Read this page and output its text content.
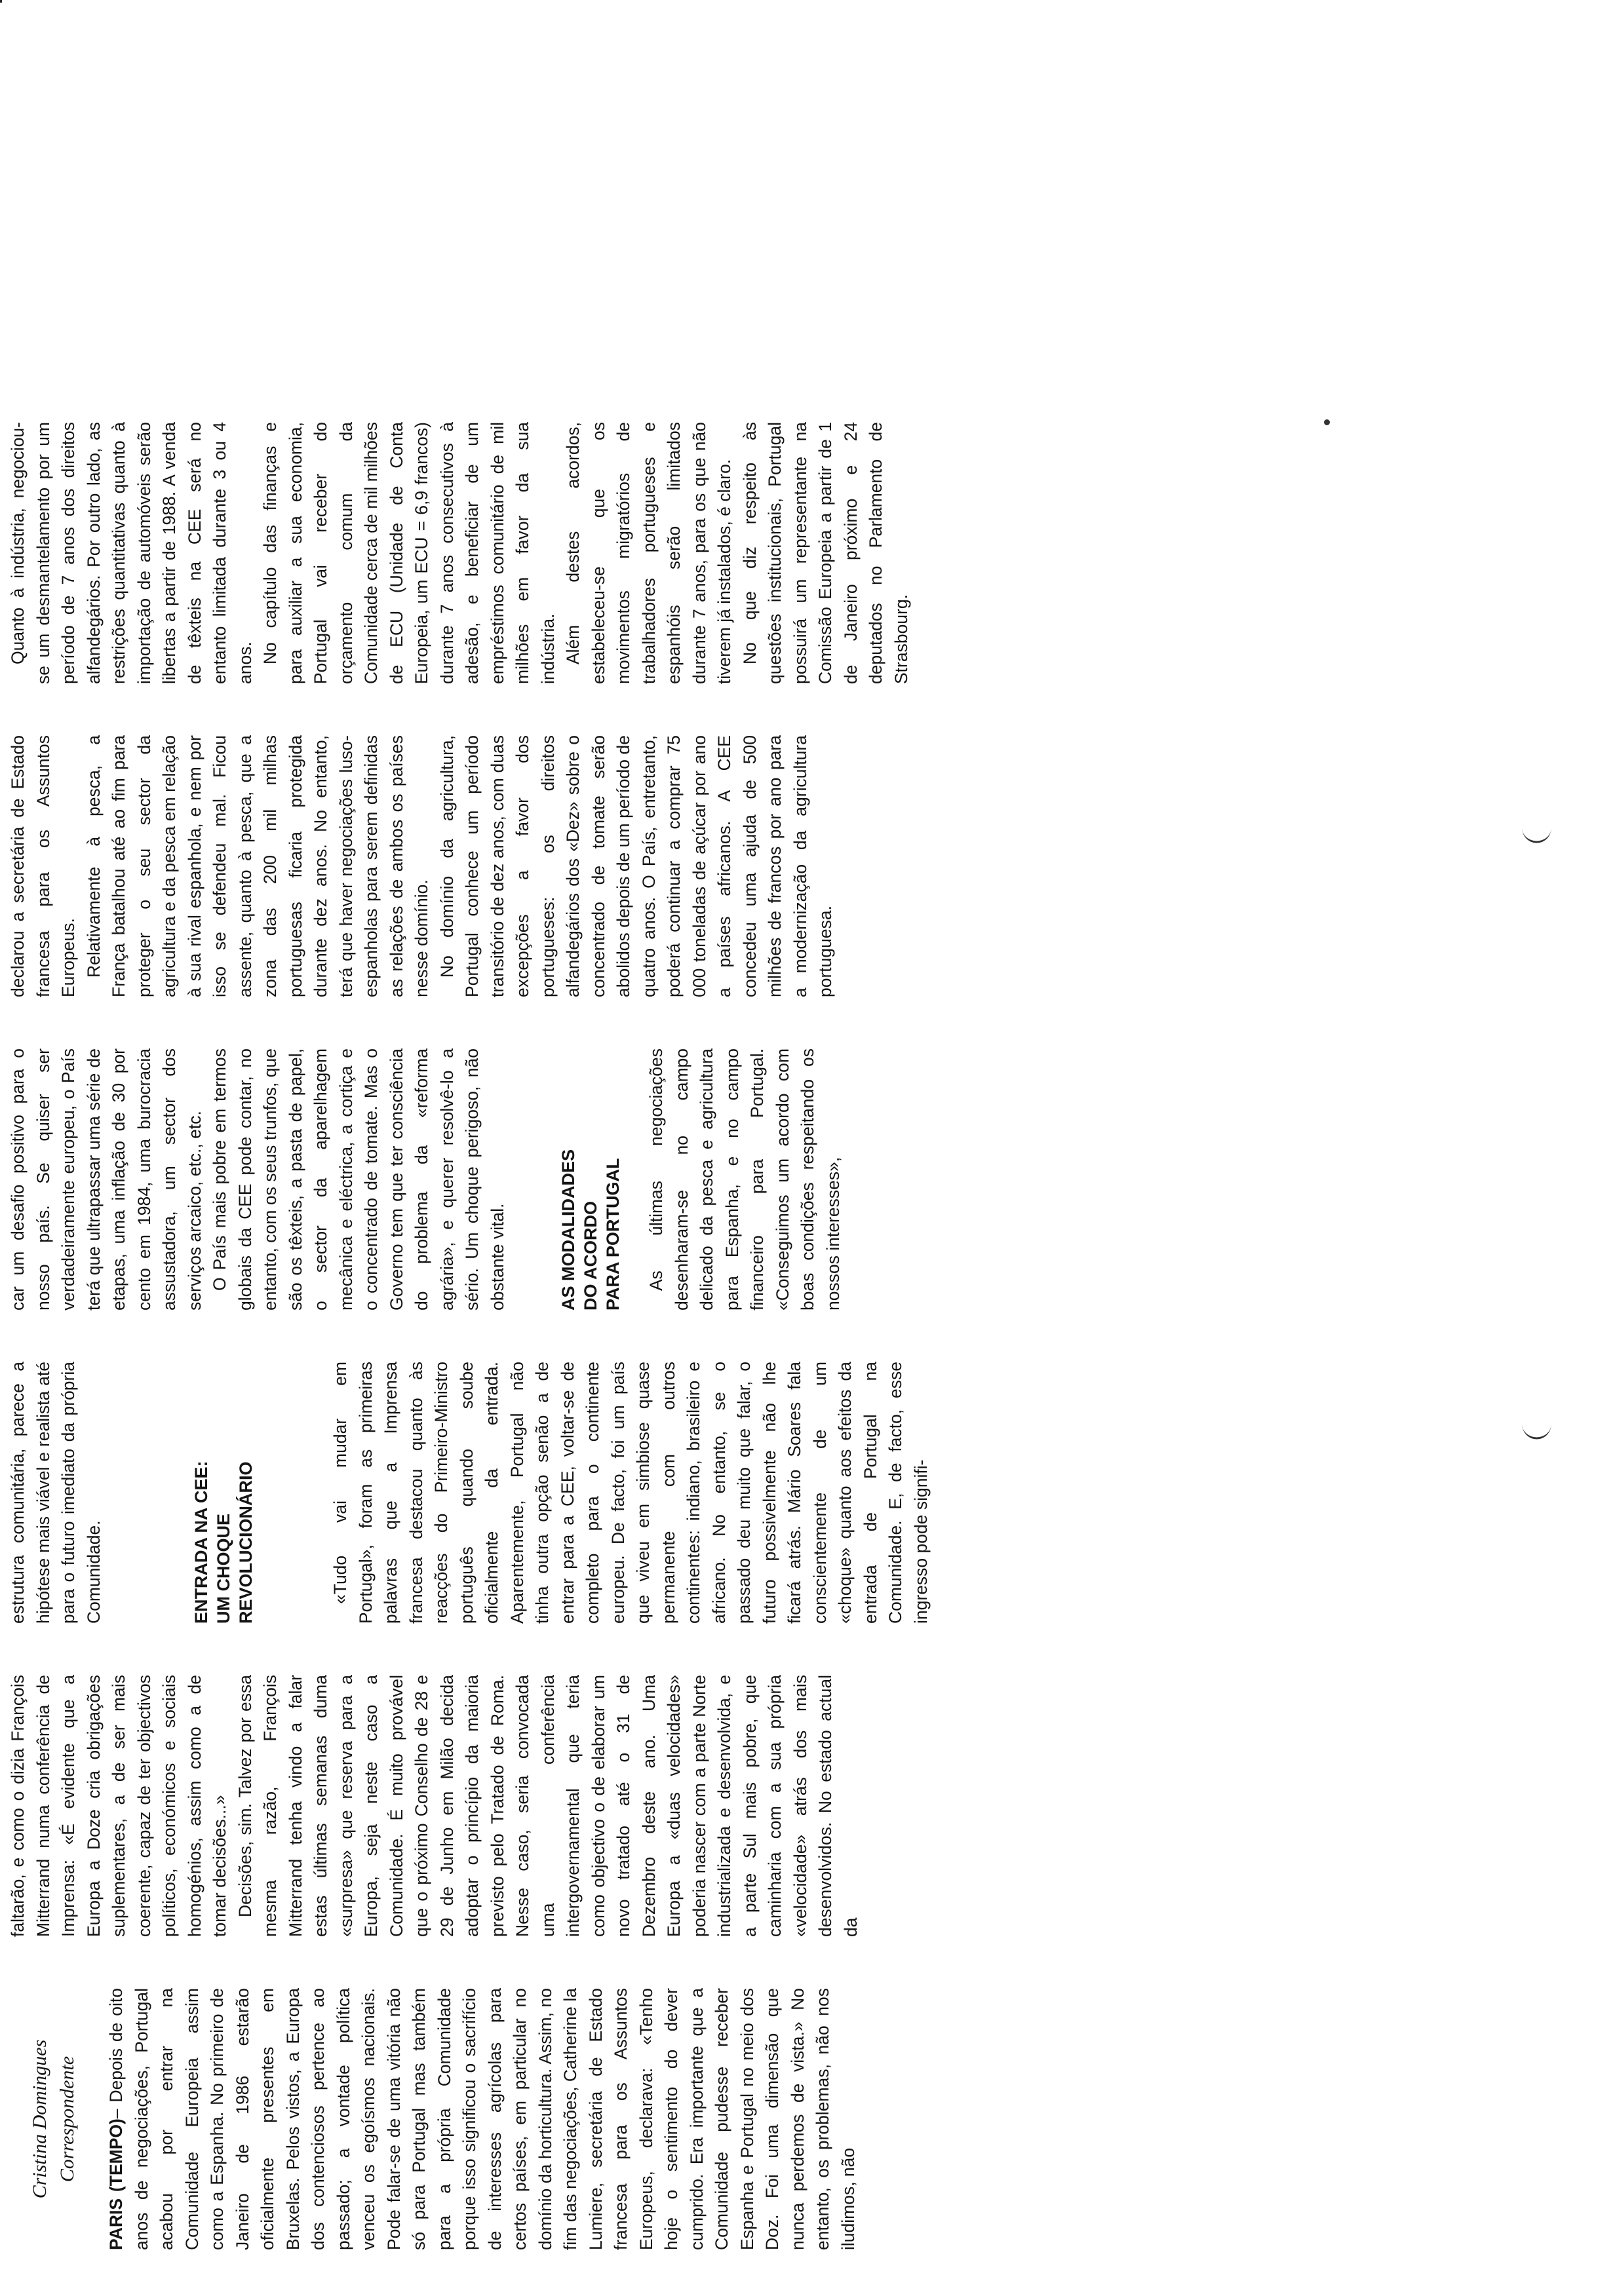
Cristina Domingues Correspondente PARIS (TEMPO)– Depois de oito anos de negociações, Portugal acabou por entrar na Comunidade Europeia assim como a Espanha. No primeiro de Janeiro de 1986 estarão oficialmente presentes em Bruxelas. Pelos vistos, a Europa dos contenciosos pertence ao passado; a vontade política venceu os egoísmos nacionais. Pode falar-se de uma vitória não só para Portugal mas também para a própria Comunidade porque isso significou o sacrifício de interesses agrícolas para certos países, em particular no domínio da horticultura. Assim, no fim das negociações, Catherine la Lumiere, secretária de Estado francesa para os Assuntos Europeus, declarava: «Tenho hoje o sentimento do dever cumprido. Era importante que a Comunidade pudesse receber Espanha e Portugal no meio dos Doz. Foi uma dimensão que nunca perdemos de vista.» No entanto, os problemas, não nos iludimos, não

faltarão, e como o dizia François Mitterrand numa conferência de Imprensa: «É evidente que a Europa a Doze cria obrigações suplementares, a de ser mais coerente, capaz de ter objectivos políticos, económicos e sociais homogénios, assim como a de tomar decisões...» Decisões, sim. Talvez por essa mesma razão, François Mitterrand tenha vindo a falar estas últimas semanas duma «surpresa» que reserva para a Europa, seja neste caso a Comunidade. É muito provável que o próximo Conselho de 28 e 29 de Junho em Milão decida adoptar o princípio da maioria previsto pelo Tratado de Roma. Nesse caso, seria convocada uma conferência intergovernamental que teria como objectivo o de elaborar um novo tratado até o 31 de Dezembro deste ano. Uma Europa a «duas velocidades» poderia nascer com a parte Norte industrializada e desenvolvida, e a parte Sul mais pobre, que caminharia com a sua própria «velocidade» atrás dos mais desenvolvidos. No estado actual da

estrutura comunitária, parece a hipótese mais viável e realista até para o futuro imediato da própria Comunidade.	ENTRADA NA CEE: UM CHOQUE REVOLUCIONÁRIO	«Tudo vai mudar em Portugal», foram as primeiras palavras que a Imprensa francesa destacou quanto às reacções do Primeiro-Ministro português quando soube oficialmente da entrada. Aparentemente, Portugal não tinha outra opção senão a de entrar para a CEE, voltar-se de completo para o continente europeu. De facto, foi um país que viveu em simbiose quase permanente com outros continentes: indiano, brasileiro e africano. No entanto, se o passado deu muito que falar, o futuro possivelmente não lhe ficará atrás. Mário Soares fala conscientemente de um «choque» quanto aos efeitos da entrada de Portugal na Comunidade. E, de facto, esse ingresso pode signifi-

car um desafio positivo para o nosso país. Se quiser ser verdadeiramente europeu, o País terá que ultrapassar uma série de etapas, uma inflação de 30 por cento em 1984, uma burocracia assustadora, um sector dos serviços arcaico, etc., etc. O País mais pobre em termos globais da CEE pode contar, no entanto, com os seus trunfos, que são os têxteis, a pasta de papel, o sector da aparelhagem mecânica e eléctrica, a cortiça e o concentrado de tomate. Mas o Governo tem que ter consciência do problema da «reforma agrária», e querer resolvê-lo a sério. Um choque perigoso, não obstante vital.	AS MODALIDADES DO ACORDO PARA PORTUGAL As últimas negociações desenharam-se no campo delicado da pesca e agricultura para Espanha, e no campo financeiro para Portugal. «Conseguimos um acordo com boas condições respeitando os nossos interesses»,

declarou a secretária de Estado francesa para os Assuntos Europeus. Relativamente à pesca, a França batalhou até ao fim para proteger o seu sector da agricultura e da pesca em relação à sua rival espanhola, e nem por isso se defendeu mal. Ficou assente, quanto à pesca, que a zona das 200 mil milhas portuguesas ficaria protegida durante dez anos. No entanto, terá que haver negociações luso-espanholas para serem definidas as relações de ambos os países nesse domínio. No domínio da agricultura, Portugal conhece um período transitório de dez anos, com duas excepções a favor dos portugueses: os direitos alfandegários dos «Dez» sobre o concentrado de tomate serão abolidos depois de um período de quatro anos. O País, entretanto, poderá continuar a comprar 75 000 toneladas de açúcar por ano a países africanos. A CEE concedeu uma ajuda de 500 milhões de francos por ano para a modernização da agricultura portuguesa.

Quanto à indústria, negociou-se um desmantelamento por um período de 7 anos dos direitos alfandegários. Por outro lado, as restrições quantitativas quanto à importação de automóveis serão libertas a partir de 1988. A venda de têxteis na CEE será no entanto limitada durante 3 ou 4 anos. No capítulo das finanças e para auxiliar a sua economia, Portugal vai receber do orçamento comum da Comunidade cerca de mil milhões de ECU (Unidade de Conta Europeia, um ECU = 6,9 francos) durante 7 anos consecutivos à adesão, e beneficiar de um empréstimos comunitário de mil milhões em favor da sua indústria. Além destes acordos, estabeleceu-se que os movimentos migratórios de trabalhadores portugueses e espanhóis serão limitados durante 7 anos, para os que não tiverem já instalados, é claro. No que diz respeito às questões institucionais, Portugal possuirá um representante na Comissão Europeia a partir de 1 de Janeiro próximo e 24 deputados no Parlamento de Strasbourg.
